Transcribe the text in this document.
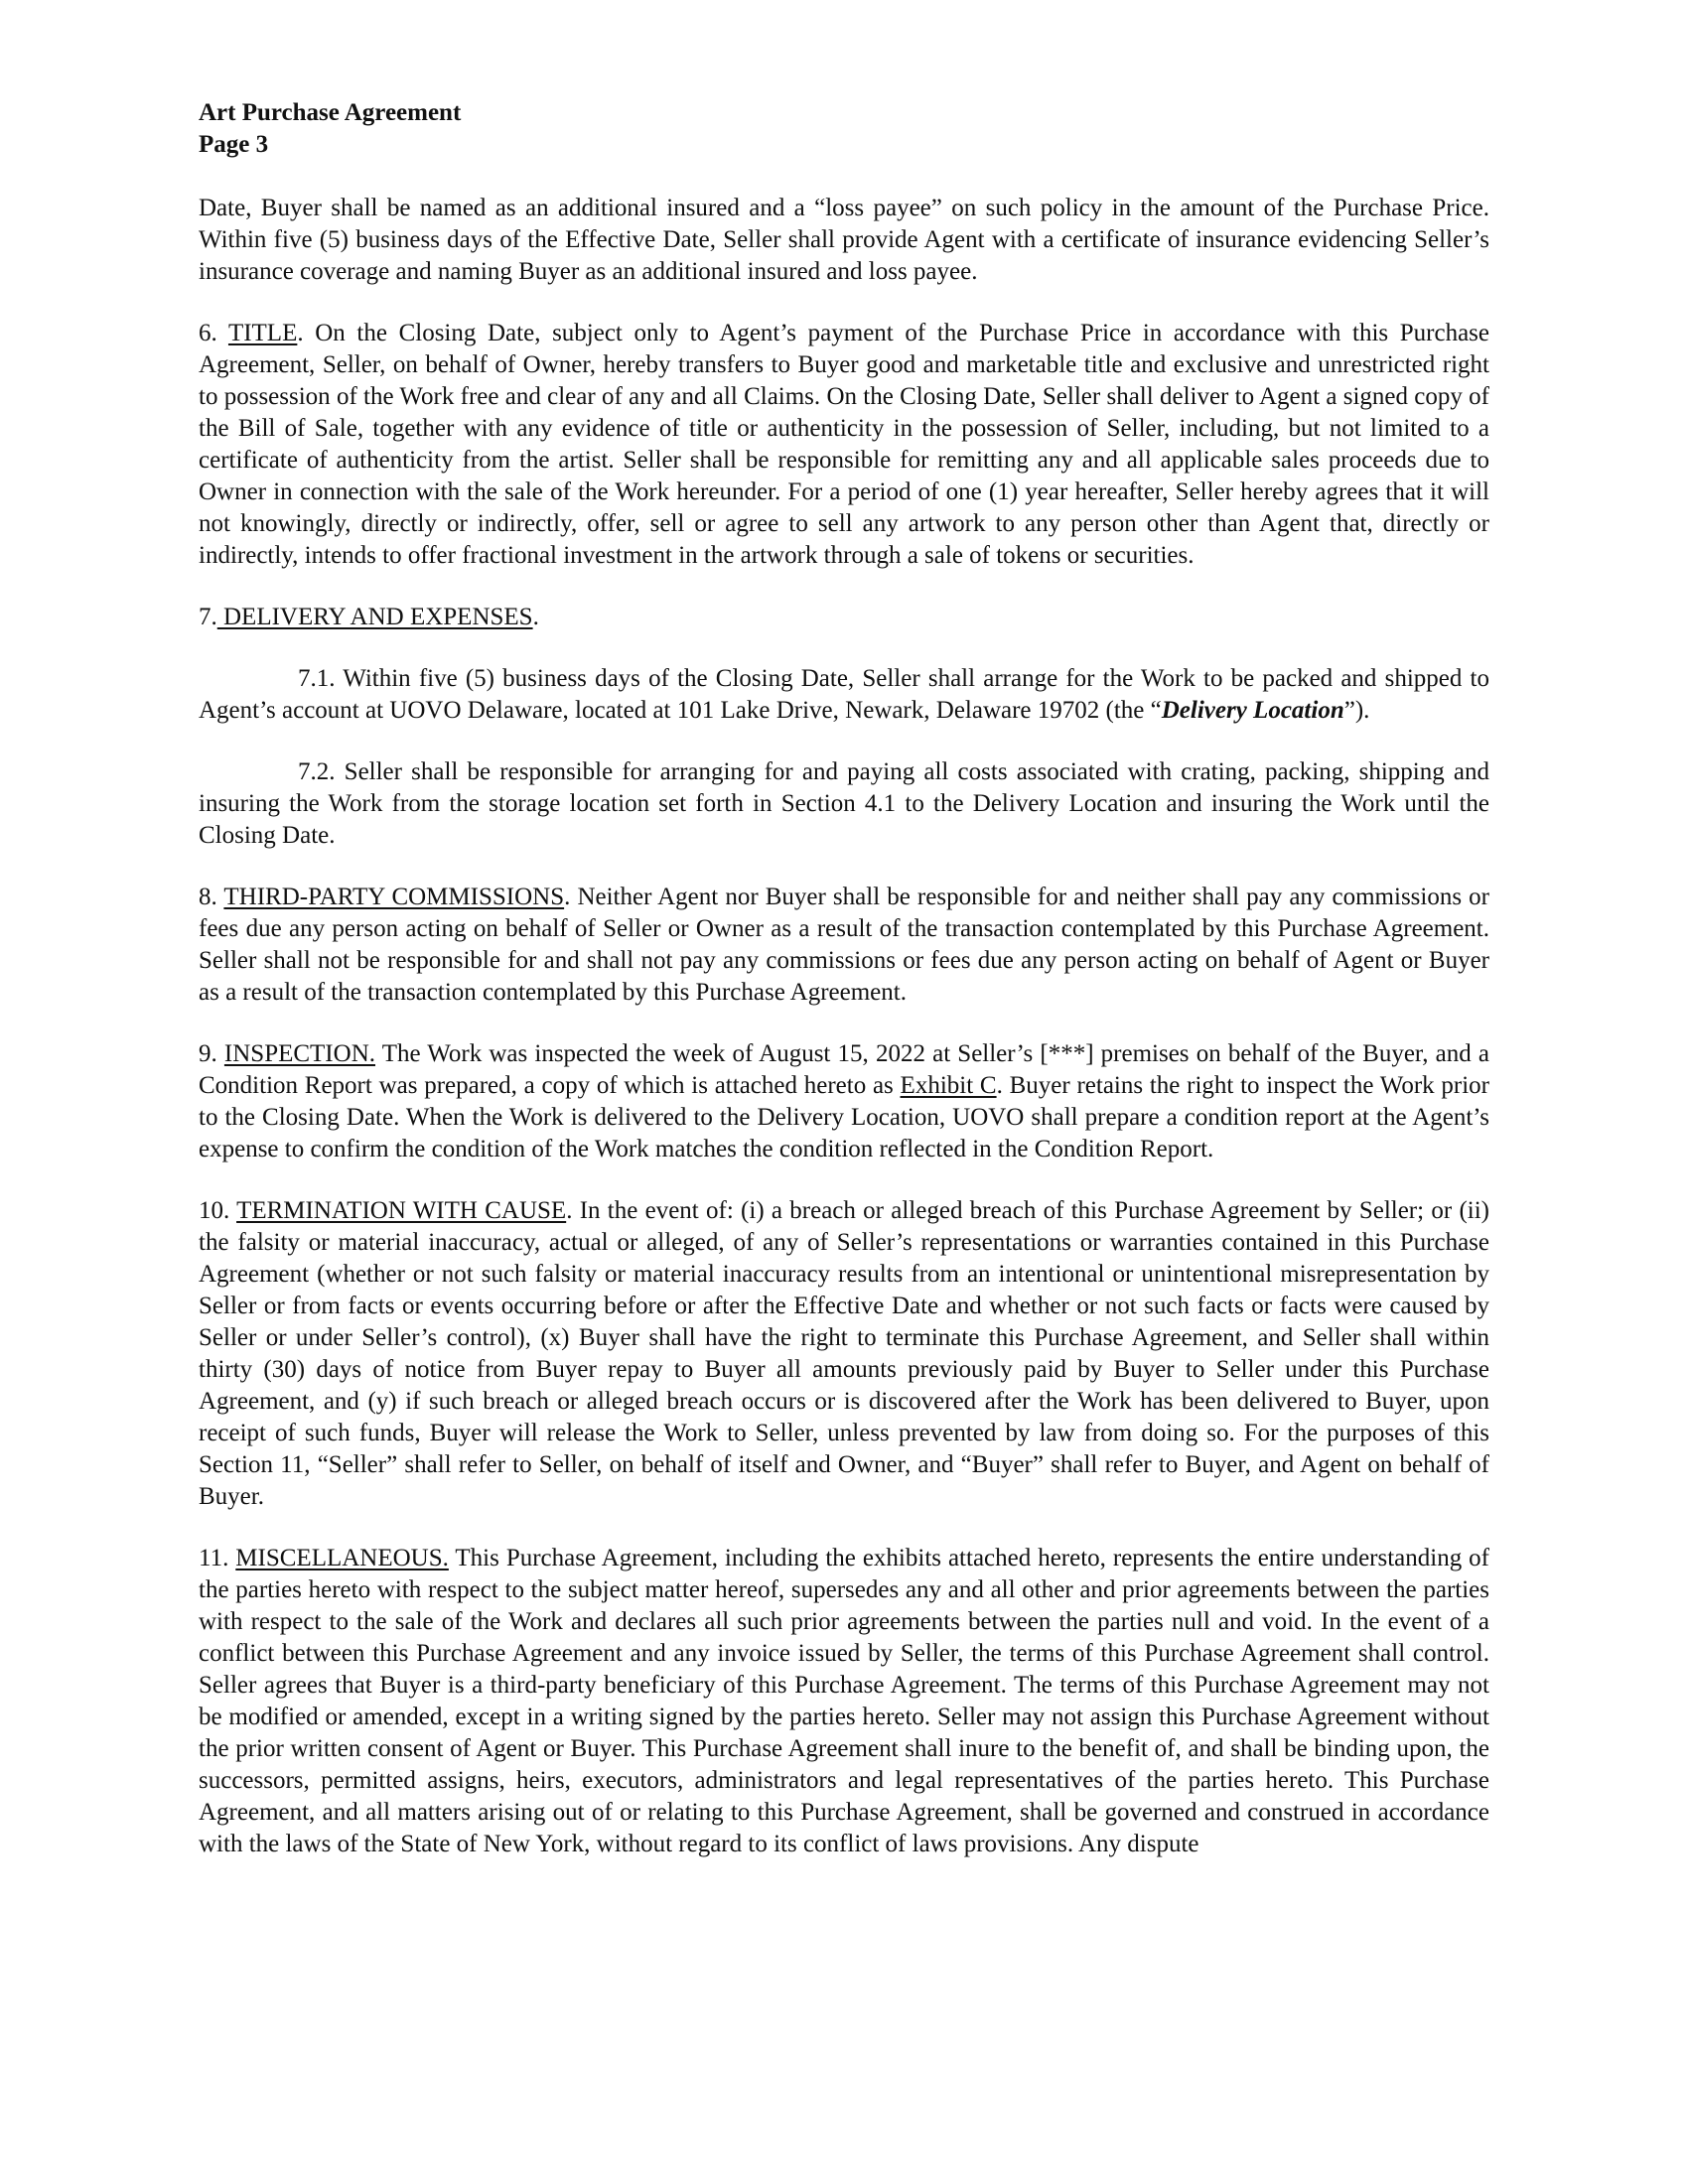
Art Purchase Agreement

Page 3

Date, Buyer shall be named as an additional insured and a “loss payee” on such policy in the amount of the Purchase Price. Within five (5) business days of the Effective Date, Seller shall provide Agent with a certificate of insurance evidencing Seller’s insurance coverage and naming Buyer as an additional insured and loss payee.

6. TITLE. On the Closing Date, subject only to Agent’s payment of the Purchase Price in accordance with this Purchase Agreement, Seller, on behalf of Owner, hereby transfers to Buyer good and marketable title and exclusive and unrestricted right to possession of the Work free and clear of any and all Claims. On the Closing Date, Seller shall deliver to Agent a signed copy of the Bill of Sale, together with any evidence of title or authenticity in the possession of Seller, including, but not limited to a certificate of authenticity from the artist. Seller shall be responsible for remitting any and all applicable sales proceeds due to Owner in connection with the sale of the Work hereunder. For a period of one (1) year hereafter, Seller hereby agrees that it will not knowingly, directly or indirectly, offer, sell or agree to sell any artwork to any person other than Agent that, directly or indirectly, intends to offer fractional investment in the artwork through a sale of tokens or securities.

7. DELIVERY AND EXPENSES.

7.1. Within five (5) business days of the Closing Date, Seller shall arrange for the Work to be packed and shipped to Agent’s account at UOVO Delaware, located at 101 Lake Drive, Newark, Delaware 19702 (the “Delivery Location”).

7.2. Seller shall be responsible for arranging for and paying all costs associated with crating, packing, shipping and insuring the Work from the storage location set forth in Section 4.1 to the Delivery Location and insuring the Work until the Closing Date.

8. THIRD-PARTY COMMISSIONS. Neither Agent nor Buyer shall be responsible for and neither shall pay any commissions or fees due any person acting on behalf of Seller or Owner as a result of the transaction contemplated by this Purchase Agreement. Seller shall not be responsible for and shall not pay any commissions or fees due any person acting on behalf of Agent or Buyer as a result of the transaction contemplated by this Purchase Agreement.

9. INSPECTION. The Work was inspected the week of August 15, 2022 at Seller’s [***] premises on behalf of the Buyer, and a Condition Report was prepared, a copy of which is attached hereto as Exhibit C. Buyer retains the right to inspect the Work prior to the Closing Date. When the Work is delivered to the Delivery Location, UOVO shall prepare a condition report at the Agent’s expense to confirm the condition of the Work matches the condition reflected in the Condition Report.

10. TERMINATION WITH CAUSE. In the event of: (i) a breach or alleged breach of this Purchase Agreement by Seller; or (ii) the falsity or material inaccuracy, actual or alleged, of any of Seller’s representations or warranties contained in this Purchase Agreement (whether or not such falsity or material inaccuracy results from an intentional or unintentional misrepresentation by Seller or from facts or events occurring before or after the Effective Date and whether or not such facts or facts were caused by Seller or under Seller’s control), (x) Buyer shall have the right to terminate this Purchase Agreement, and Seller shall within thirty (30) days of notice from Buyer repay to Buyer all amounts previously paid by Buyer to Seller under this Purchase Agreement, and (y) if such breach or alleged breach occurs or is discovered after the Work has been delivered to Buyer, upon receipt of such funds, Buyer will release the Work to Seller, unless prevented by law from doing so. For the purposes of this Section 11, “Seller” shall refer to Seller, on behalf of itself and Owner, and “Buyer” shall refer to Buyer, and Agent on behalf of Buyer.

11. MISCELLANEOUS. This Purchase Agreement, including the exhibits attached hereto, represents the entire understanding of the parties hereto with respect to the subject matter hereof, supersedes any and all other and prior agreements between the parties with respect to the sale of the Work and declares all such prior agreements between the parties null and void. In the event of a conflict between this Purchase Agreement and any invoice issued by Seller, the terms of this Purchase Agreement shall control. Seller agrees that Buyer is a third-party beneficiary of this Purchase Agreement. The terms of this Purchase Agreement may not be modified or amended, except in a writing signed by the parties hereto. Seller may not assign this Purchase Agreement without the prior written consent of Agent or Buyer. This Purchase Agreement shall inure to the benefit of, and shall be binding upon, the successors, permitted assigns, heirs, executors, administrators and legal representatives of the parties hereto. This Purchase Agreement, and all matters arising out of or relating to this Purchase Agreement, shall be governed and construed in accordance with the laws of the State of New York, without regard to its conflict of laws provisions. Any dispute
